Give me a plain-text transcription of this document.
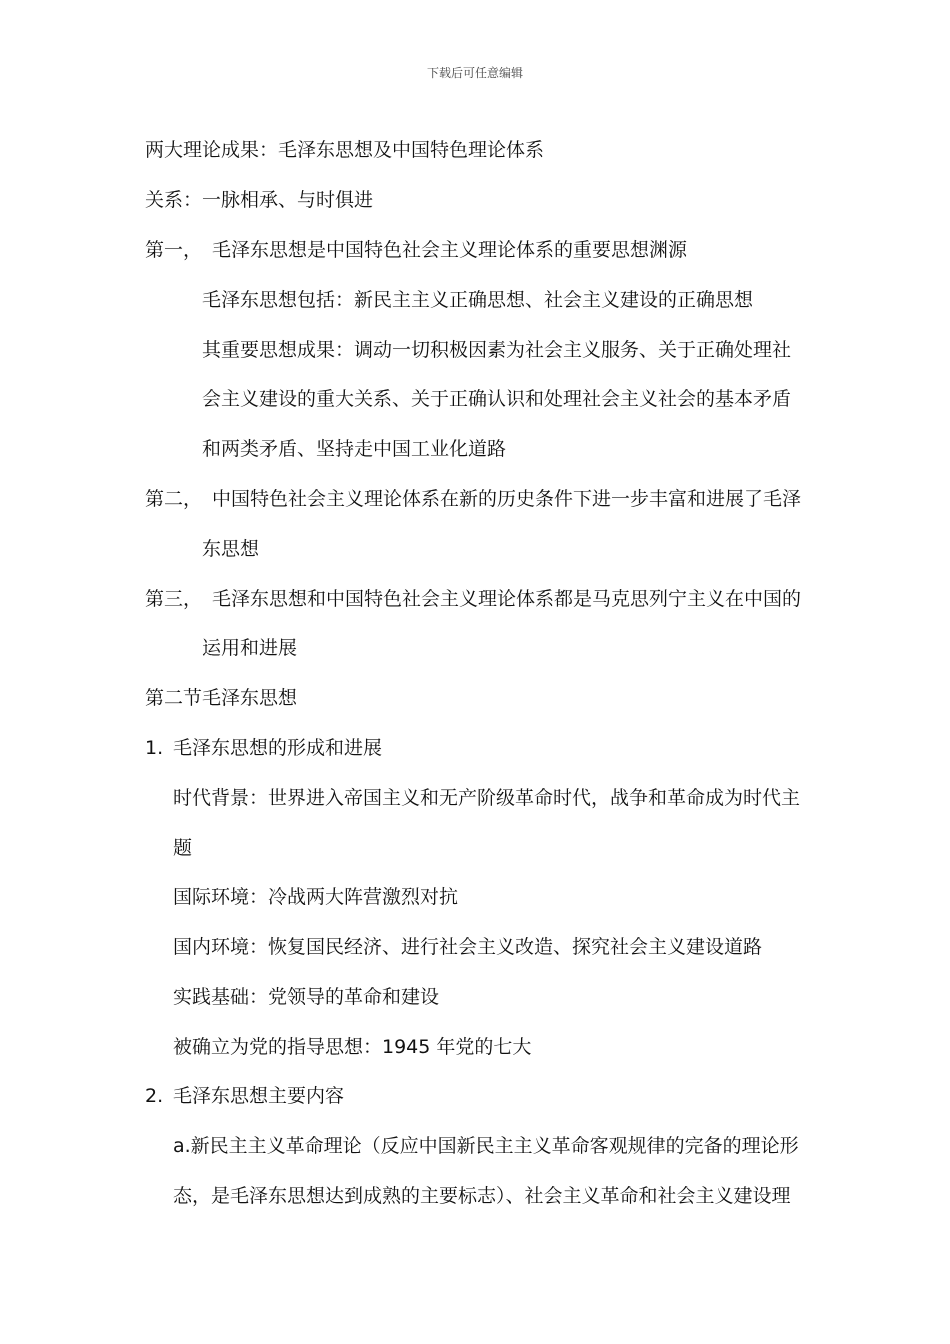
下载后可任意编辑
两大理论成果：毛泽东思想及中国特色理论体系
关系：一脉相承、与时俱进
第一， 毛泽东思想是中国特色社会主义理论体系的重要思想渊源
毛泽东思想包括：新民主主义正确思想、社会主义建设的正确思想
其重要思想成果：调动一切积极因素为社会主义服务、关于正确处理社
会主义建设的重大关系、关于正确认识和处理社会主义社会的基本矛盾
和两类矛盾、坚持走中国工业化道路
第二， 中国特色社会主义理论体系在新的历史条件下进一步丰富和进展了毛泽
东思想
第三， 毛泽东思想和中国特色社会主义理论体系都是马克思列宁主义在中国的
运用和进展
第二节毛泽东思想
1. 毛泽东思想的形成和进展
时代背景：世界进入帝国主义和无产阶级革命时代，战争和革命成为时代主
题
国际环境：冷战两大阵营激烈对抗
国内环境：恢复国民经济、进行社会主义改造、探究社会主义建设道路
实践基础：党领导的革命和建设
被确立为党的指导思想：1945 年党的七大
2. 毛泽东思想主要内容
a.新民主主义革命理论（反应中国新民主主义革命客观规律的完备的理论形
态，是毛泽东思想达到成熟的主要标志）、社会主义革命和社会主义建设理
